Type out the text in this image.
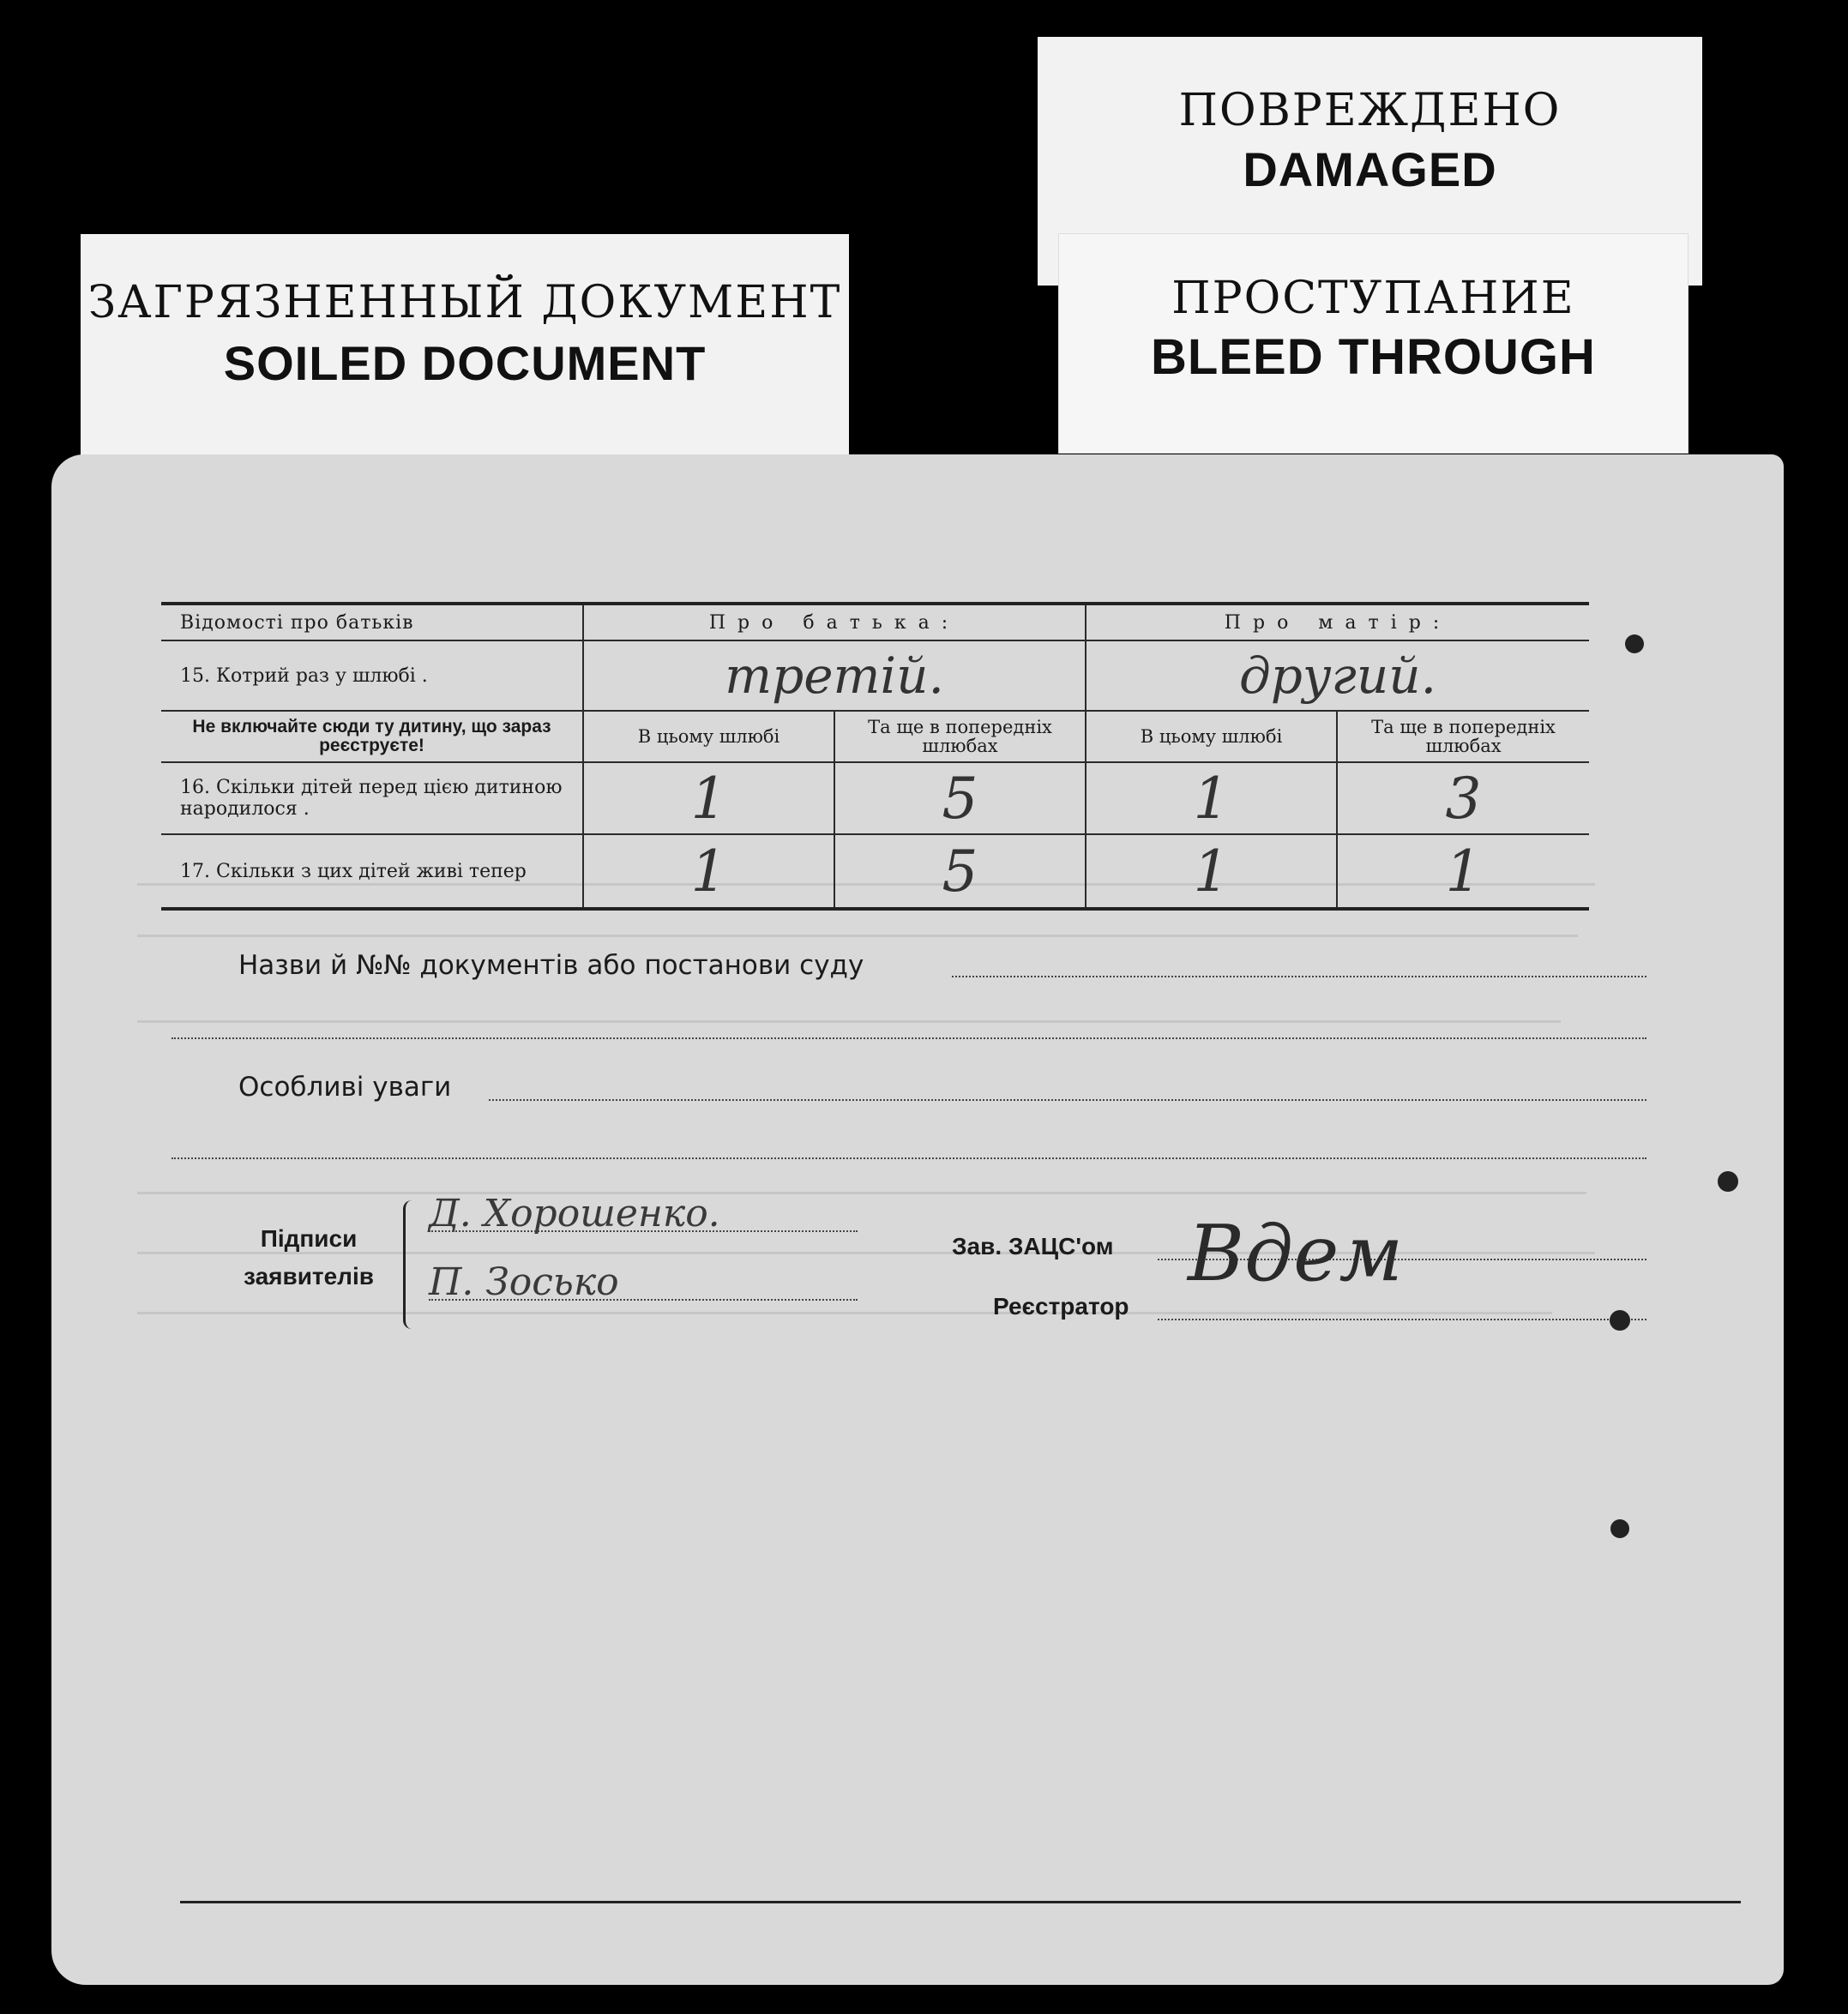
ЗАГРЯЗНЕННЫЙ ДОКУМЕНТ
SOILED DOCUMENT
ПОВРЕЖДЕНО
DAMAGED
ПРОСТУПАНИЕ
BLEED THROUGH
Відомості про батьків	Про батька:		Про матір:	
15. Котрий раз у шлюбі .	третій.		другий.	
Не включайте сюди ту дитину, що зараз реєструєте!	В цьому шлюбі	Та ще в попередніх шлюбах	В цьому шлюбі	Та ще в попередніх шлюбах
16. Скільки дітей перед цією дитиною народилося .	1	5	1	3
17. Скільки з цих дітей живі тепер	1	5	1	1
Назви й №№ документів або постанови суду
Особливі уваги
Підписи заявителів
Д. Хорошенко.
П. Зосько
Зав. ЗАЦС'ом
Реєстратор
Вдем
